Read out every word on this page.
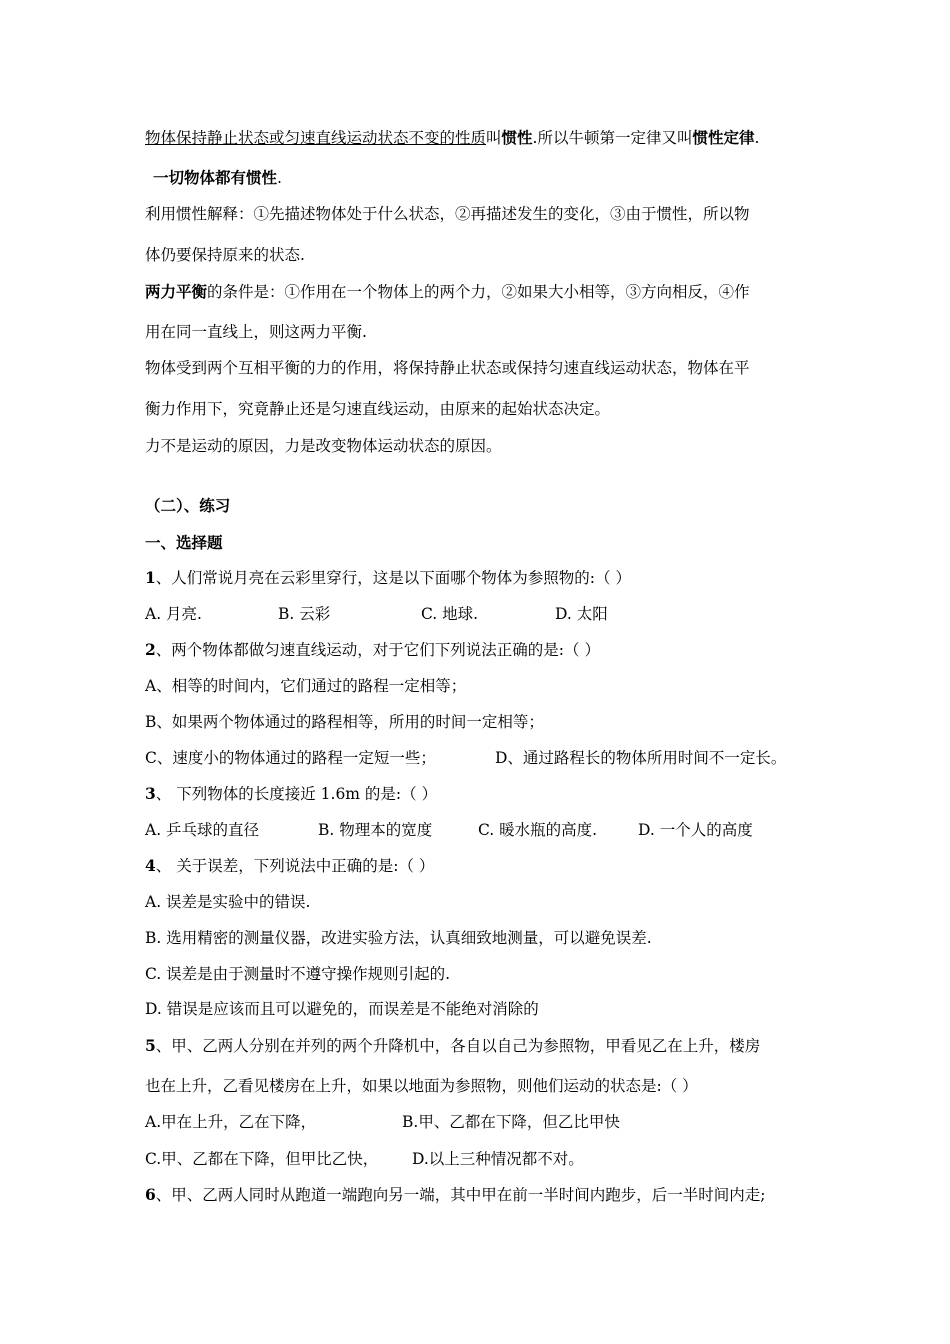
物体保持静止状态或匀速直线运动状态不变的性质叫惯性.所以牛顿第一定律又叫惯性定律.
一切物体都有惯性.
利用惯性解释：①先描述物体处于什么状态，②再描述发生的变化，③由于惯性，所以物
体仍要保持原来的状态.
两力平衡的条件是：①作用在一个物体上的两个力，②如果大小相等，③方向相反，④作
用在同一直线上，则这两力平衡.
物体受到两个互相平衡的力的作用，将保持静止状态或保持匀速直线运动状态，物体在平
衡力作用下，究竟静止还是匀速直线运动，由原来的起始状态决定。
力不是运动的原因，力是改变物体运动状态的原因。
（二）、练习
一、选择题
1、人们常说月亮在云彩里穿行，这是以下面哪个物体为参照物的:（ ）
A. 月亮.	B. 云彩	C. 地球.	D. 太阳
2、两个物体都做匀速直线运动，对于它们下列说法正确的是:（ ）
A、相等的时间内，它们通过的路程一定相等；
B、如果两个物体通过的路程相等，所用的时间一定相等；
C、速度小的物体通过的路程一定短一些；	D、通过路程长的物体所用时间不一定长。
3、 下列物体的长度接近 1.6m 的是:（ ）
A. 乒乓球的直径	B. 物理本的宽度	C. 暖水瓶的高度.	D. 一个人的高度
4、 关于误差，下列说法中正确的是:（ ）
A. 误差是实验中的错误.
B. 选用精密的测量仪器，改进实验方法，认真细致地测量，可以避免误差.
C. 误差是由于测量时不遵守操作规则引起的.
D. 错误是应该而且可以避免的，而误差是不能绝对消除的
5、甲、乙两人分别在并列的两个升降机中，各自以自己为参照物，甲看见乙在上升，楼房
也在上升，乙看见楼房在上升，如果以地面为参照物，则他们运动的状态是:（ ）
A.甲在上升，乙在下降，	B.甲、乙都在下降，但乙比甲快
C.甲、乙都在下降，但甲比乙快， D.以上三种情况都不对。
6、甲、乙两人同时从跑道一端跑向另一端，其中甲在前一半时间内跑步，后一半时间内走;
